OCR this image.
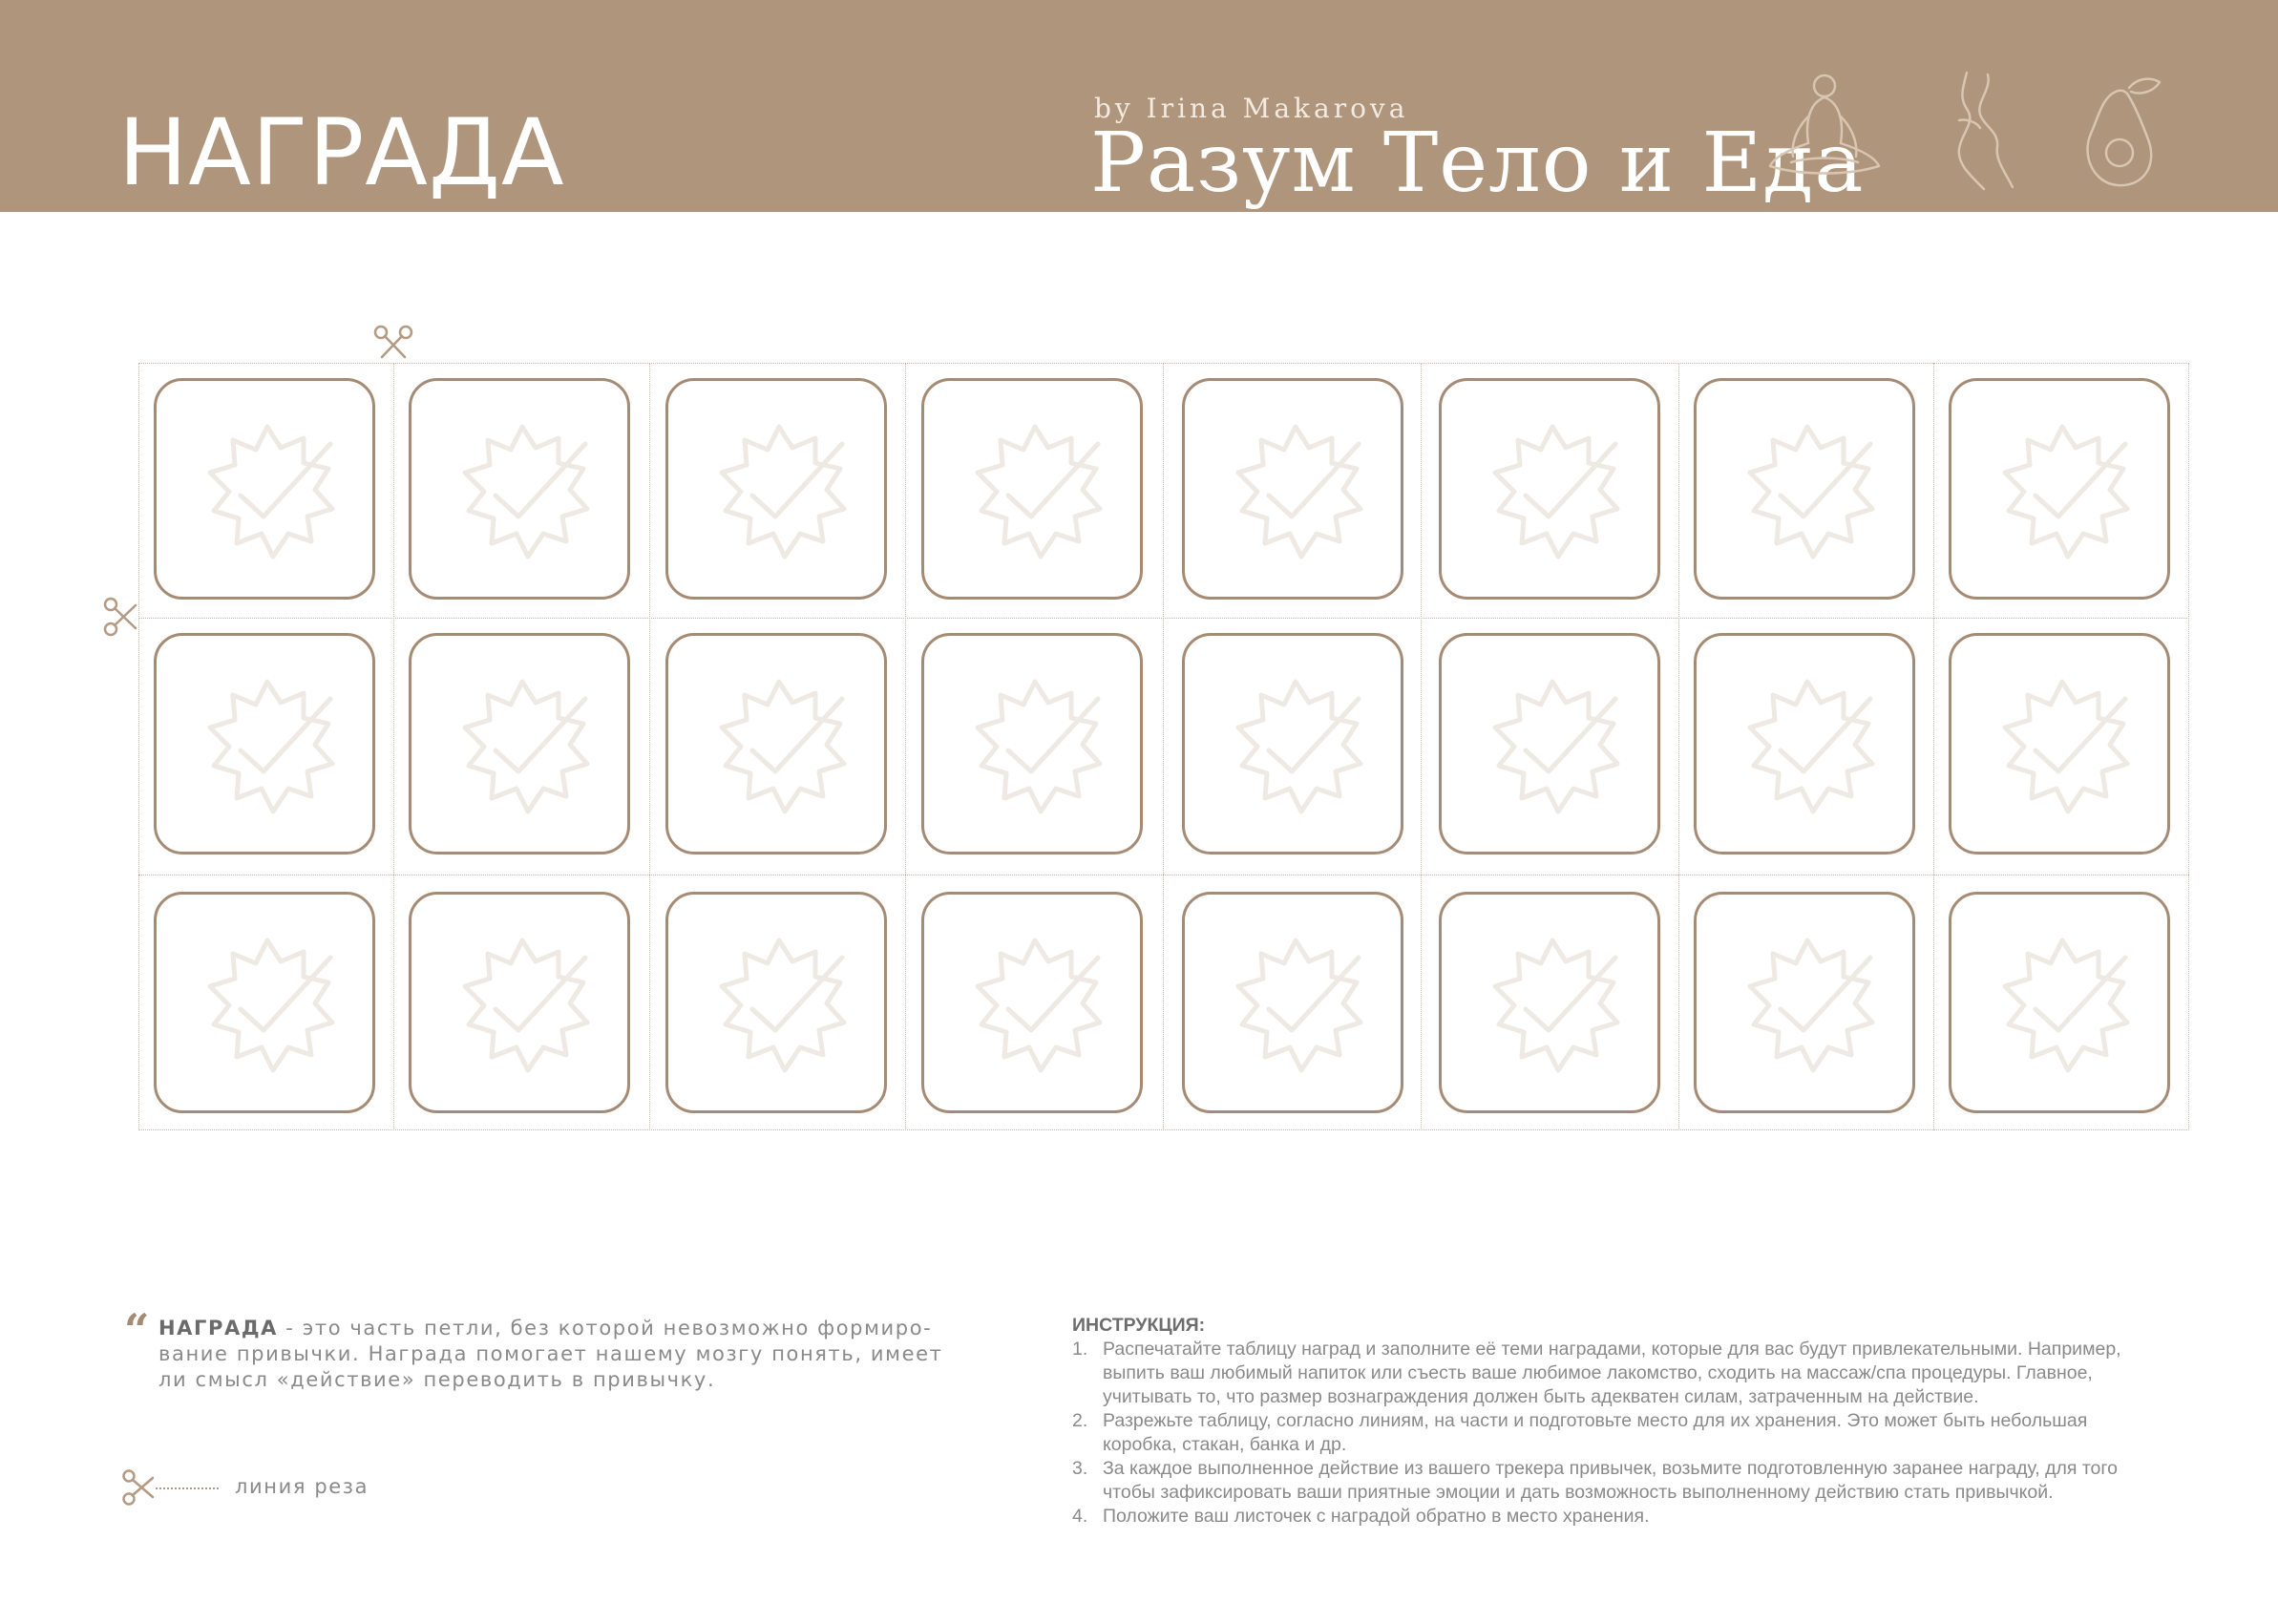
НАГРАДА	by Irina Makarova
Разум Тело и Еда
“ НАГРАДА - это часть петли, без которой невозможно формиро-вание привычки. Награда помогает нашему мозгу понять, имеет ли смысл «действие» переводить в привычку.
линия реза
ИНСТРУКЦИЯ:
1. Распечатайте таблицу наград и заполните её теми наградами, которые для вас будут привлекательными. Например, выпить ваш любимый напиток или съесть ваше любимое лакомство, сходить на массаж/спа процедуры. Главное, учитывать то, что размер вознаграждения должен быть адекватен силам, затраченным на действие.
2. Разрежьте таблицу, согласно линиям, на части и подготовьте место для их хранения. Это может быть небольшая коробка, стакан, банка и др.
3. За каждое выполненное действие из вашего трекера привычек, возьмите подготовленную заранее награду, для того чтобы зафиксировать ваши приятные эмоции и дать возможность выполненному действию стать привычкой.
4. Положите ваш листочек с наградой обратно в место хранения.
